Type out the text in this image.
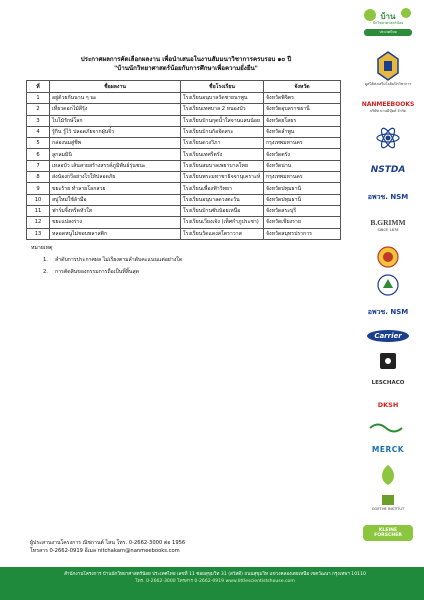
ประกาศผลการคัดเลือกผลงาน เพื่อนำเสนอในงานสัมมนาวิชาการครบรอบ ๑๐ ปี
"บ้านนักวิทยาศาสตร์น้อยกับการศึกษาเพื่อความยั่งยืน"
ที่	ชื่อผลงาน	ชื่อโรงเรียน	จังหวัด
1	อยู่ด้วยกันนาน ๆ นะ	โรงเรียนอนุบาลวัดชายนาพูน	จังหวัดพิจิตร
2	เที่ยวดอกไม้สีรุ้ง	โรงเรียนเทศบาล 2 หนองบัว	จังหวัดอุบลราชธานี
3	ไบโม้รักษ์โลก	โรงเรียนบ้านกุดน้ำใสจานแสนน้อย	จังหวัดยโสธร
4	รู้กิน รู้ไว้ ปลอดภัยจากฝุ่นจิ๋ว	โรงเรียนบ้านก้อจัดสระ	จังหวัดลำพูน
5	กล่องนมสู่ชีพ	โรงเรียนดวงวิภา	กรุงเทพมหานคร
6	ลูกลมมินิ	โรงเรียนเทศรีตรัง	จังหวัดตรัง
7	เหลอบัว เส้นสายสร้างสรรค์ภูมิพันธ์รุ่นชนะ	โรงเรียนสมบาลเพยาบาลโทย	จังหวัดน่าน
8	ส่งน้องกวีอย่างไรให้ปลอดภัย	โรงเรียนพระมหาชาธิจจานุเคราะห์	กรุงเทพมหานคร
9	ขยะร้าย ทำลายโลกสวย	โรงเรียนเพื่องฟ้าวิทยา	จังหวัดปทุมธานี
10	สบู่ใหม่ใช้ล้ามือ	โรงเรียนอนุบาลดวงตะวัน	จังหวัดปทุมธานี
11	ฟาร์มจิ้งหรีดหัวใส	โรงเรียนบ้านซับน้อยเหนือ	จังหวัดสระบุรี
12	ขยะแปลงร่าง	โรงเรียนเวียงเจ้ง (เท็ศกำภูประชา)	จังหวัดเชียงราย
13	หลอดหนูไม่ชอบพลาสติก	โรงเรียนวัดแดงสโตราวาส	จังหวัดสมุทรปราการ
หมายเหตุ
1.	ลำดับการประกาศผล ไม่เรียงตามลำดับคะแนนแต่อย่างใด
2.	การตัดสินของกรรมการถือเป็นที่สิ้นสุด
ผู้ประสานงานโครงการ ณิชกานต์ ไสน โทร. 0-2662-3000 ต่อ 1956
โทรสาร 0-2662-0919 อีเมล nitchakarn@nanmeebooks.com
สำนักงานโครงการ บ้านนักวิทยาศาสตร์น้อย ประเทศไทย เลขที่ 11 ซอยสุขุมวิท 31 (สวัสดี) ถนนสุขุมวิท แขวงคลองเตยเหนือ เขตวัฒนา กรุงเทพฯ 10110
โทร. 0-2662-3000 โทรสาร 0-2662-0919 www.littlescientistshouse.com
บ้าน
นักวิทยาศาสตร์น้อย
ประเทศไทย
มูลนิธิส่งเสริมโอลิมปิกวิชาการ
NANMEEBOOKS
บริษัท นานมีบุ๊คส์ จำกัด
NSTDA
อพวช. NSM
B.GRIMM
SINCE 1878
อพวช. NSM
Carrier
LESCHACO
DKSH
MERCK
GOETHE INSTITUT
KLEINE FORSCHER
